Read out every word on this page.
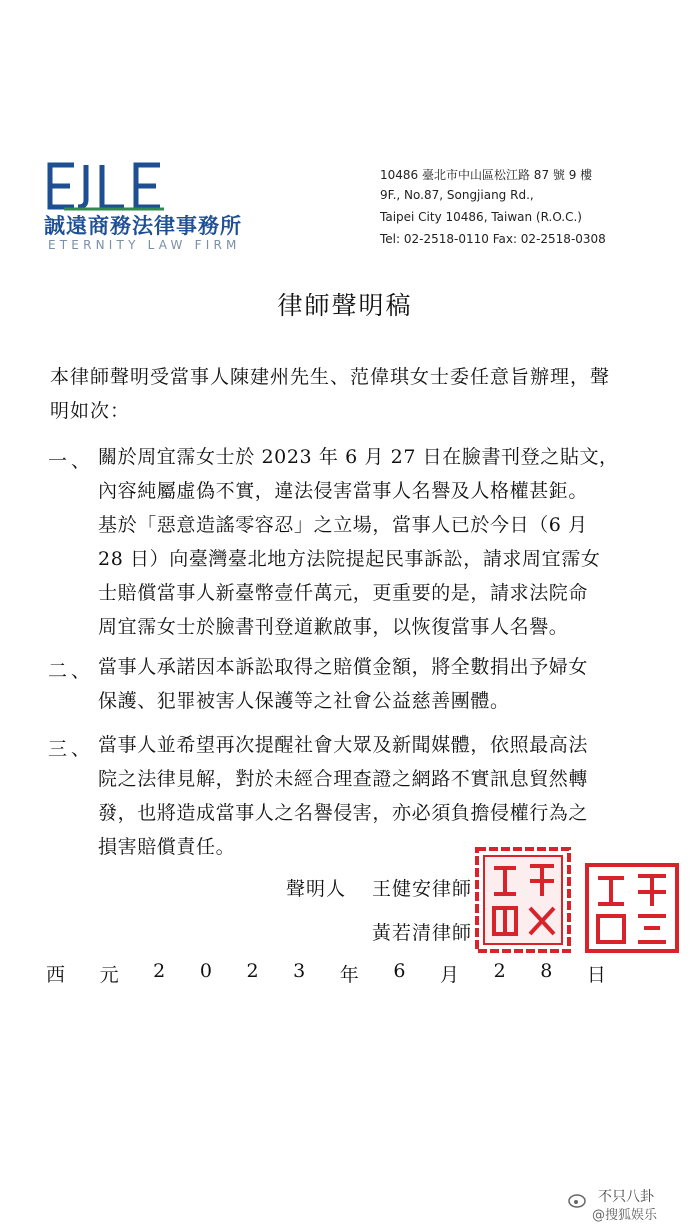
誠遠商務法律事務所
ETERNITY LAW FIRM
10486 臺北市中山區松江路 87 號 9 樓
9F., No.87, Songjiang Rd.,
Taipei City 10486, Taiwan (R.O.C.)
Tel: 02-2518-0110 Fax: 02-2518-0308
律師聲明稿
本律師聲明受當事人陳建州先生、范偉琪女士委任意旨辦理，聲
明如次：
一、 關於周宜霈女士於 2023 年 6 月 27 日在臉書刊登之貼文，
內容純屬虛偽不實，違法侵害當事人名譽及人格權甚鉅。
基於「惡意造謠零容忍」之立場，當事人已於今日（6 月
28 日）向臺灣臺北地方法院提起民事訴訟，請求周宜霈女
士賠償當事人新臺幣壹仟萬元，更重要的是，請求法院命
周宜霈女士於臉書刊登道歉啟事，以恢復當事人名譽。
二、 當事人承諾因本訴訟取得之賠償金額，將全數捐出予婦女
保護、犯罪被害人保護等之社會公益慈善團體。
三、 當事人並希望再次提醒社會大眾及新聞媒體，依照最高法
院之法律見解，對於未經合理查證之網路不實訊息貿然轉
發，也將造成當事人之名譽侵害，亦必須負擔侵權行為之
損害賠償責任。
聲明人 王健安律師
黃若清律師
西 元 2 0 2 3 年 6 月 2 8 日
不只八卦
@搜狐娱乐
